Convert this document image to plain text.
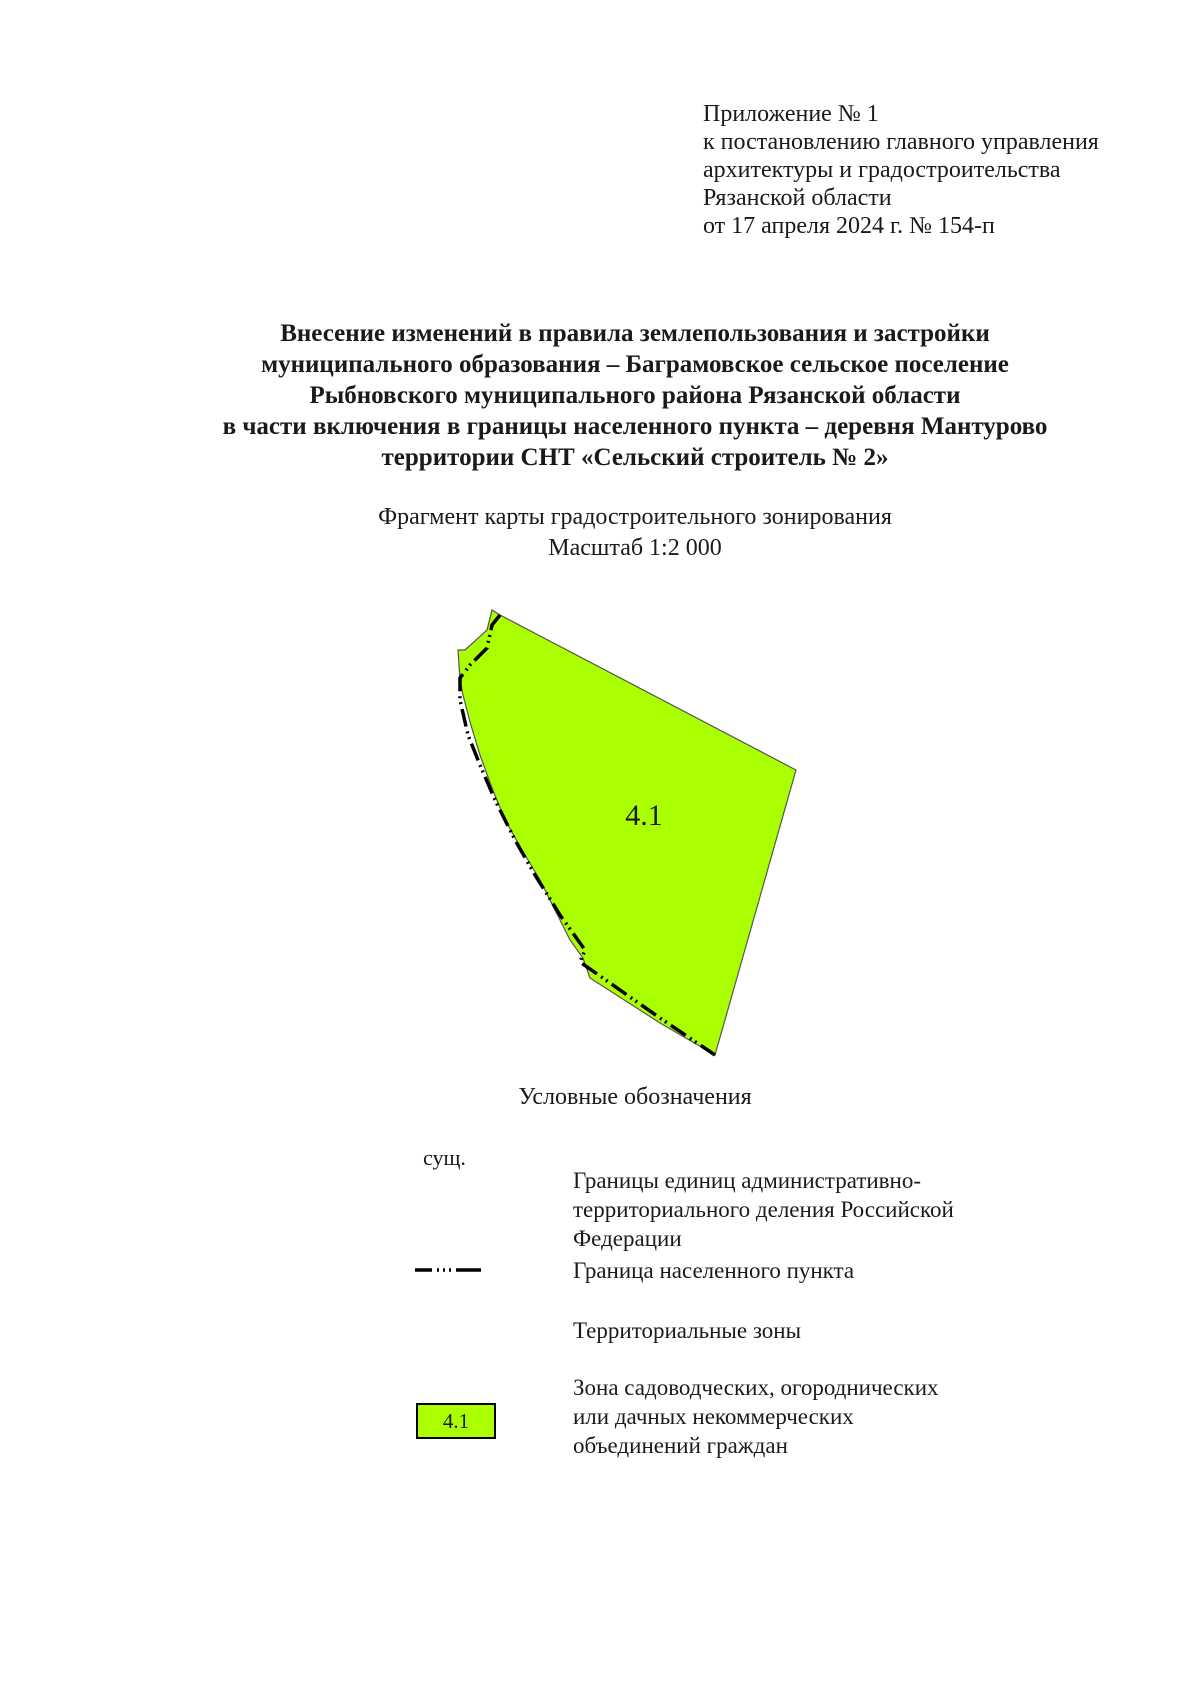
Приложение № 1
к постановлению главного управления
архитектуры и градостроительства
Рязанской области
от 17 апреля 2024 г. № 154-п
Внесение изменений в правила землепользования и застройки
муниципального образования – Баграмовское сельское поселение
Рыбновского муниципального района Рязанской области
в части включения в границы населенного пункта – деревня Мантурово
территории СНТ «Сельский строитель № 2»
Фрагмент карты градостроительного зонирования
Масштаб 1:2 000
4.1
Условные обозначения
сущ.
Границы единиц административно-
территориального деления Российской
Федерации
Граница населенного пункта
Территориальные зоны
4.1
Зона садоводческих, огороднических
или дачных некоммерческих
объединений граждан
